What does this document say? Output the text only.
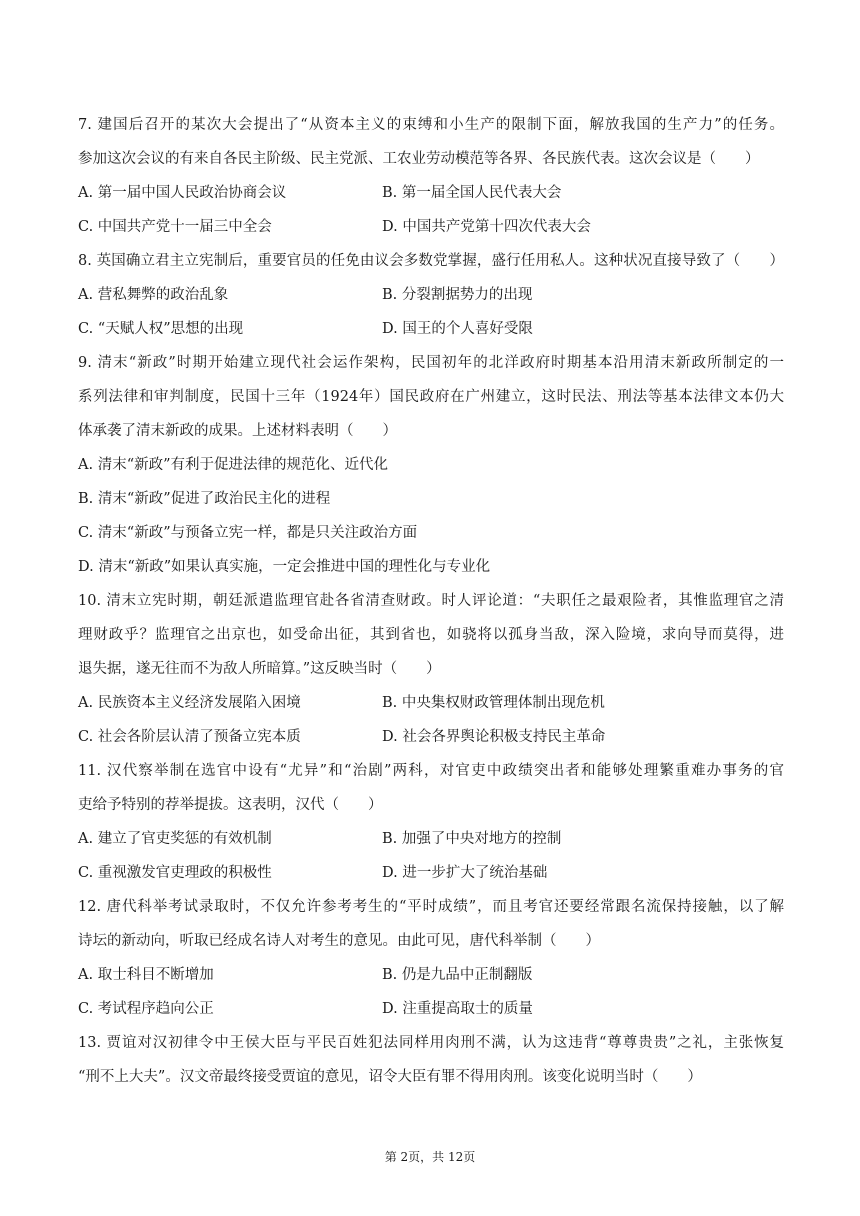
7. 建国后召开的某次大会提出了“从资本主义的束缚和小生产的限制下面，解放我国的生产力”的任务。
参加这次会议的有来自各民主阶级、民主党派、工农业劳动模范等各界、各民族代表。这次会议是（　　）
A. 第一届中国人民政治协商会议	B. 第一届全国人民代表大会
C. 中国共产党十一届三中全会	D. 中国共产党第十四次代表大会
8. 英国确立君主立宪制后，重要官员的任免由议会多数党掌握，盛行任用私人。这种状况直接导致了（　　）
A. 营私舞弊的政治乱象	B. 分裂割据势力的出现
C. “天赋人权”思想的出现	D. 国王的个人喜好受限
9. 清末“新政”时期开始建立现代社会运作架构，民国初年的北洋政府时期基本沿用清末新政所制定的一
系列法律和审判制度，民国十三年（1924年）国民政府在广州建立，这时民法、刑法等基本法律文本仍大
体承袭了清末新政的成果。上述材料表明（　　）
A. 清末“新政”有利于促进法律的规范化、近代化
B. 清末“新政”促进了政治民主化的进程
C. 清末“新政”与预备立宪一样，都是只关注政治方面
D. 清末“新政”如果认真实施，一定会推进中国的理性化与专业化
10. 清末立宪时期，朝廷派遣监理官赴各省清查财政。时人评论道：“夫职任之最艰险者，其惟监理官之清
理财政乎？监理官之出京也，如受命出征，其到省也，如骁将以孤身当敌，深入险境，求向导而莫得，进
退失据，遂无往而不为敌人所暗算。”这反映当时（　　）
A. 民族资本主义经济发展陷入困境	B. 中央集权财政管理体制出现危机
C. 社会各阶层认清了预备立宪本质	D. 社会各界舆论积极支持民主革命
11. 汉代察举制在选官中设有“尤异”和“治剧”两科，对官吏中政绩突出者和能够处理繁重难办事务的官
吏给予特别的荐举提拔。这表明，汉代（　　）
A. 建立了官吏奖惩的有效机制	B. 加强了中央对地方的控制
C. 重视激发官吏理政的积极性	D. 进一步扩大了统治基础
12. 唐代科举考试录取时，不仅允许参考考生的“平时成绩”，而且考官还要经常跟名流保持接触，以了解
诗坛的新动向，听取已经成名诗人对考生的意见。由此可见，唐代科举制（　　）
A. 取士科目不断增加	B. 仍是九品中正制翻版
C. 考试程序趋向公正	D. 注重提高取士的质量
13. 贾谊对汉初律令中王侯大臣与平民百姓犯法同样用肉刑不满，认为这违背“尊尊贵贵”之礼，主张恢复
“刑不上大夫”。汉文帝最终接受贾谊的意见，诏令大臣有罪不得用肉刑。该变化说明当时（　　）
第 2页，共 12页
